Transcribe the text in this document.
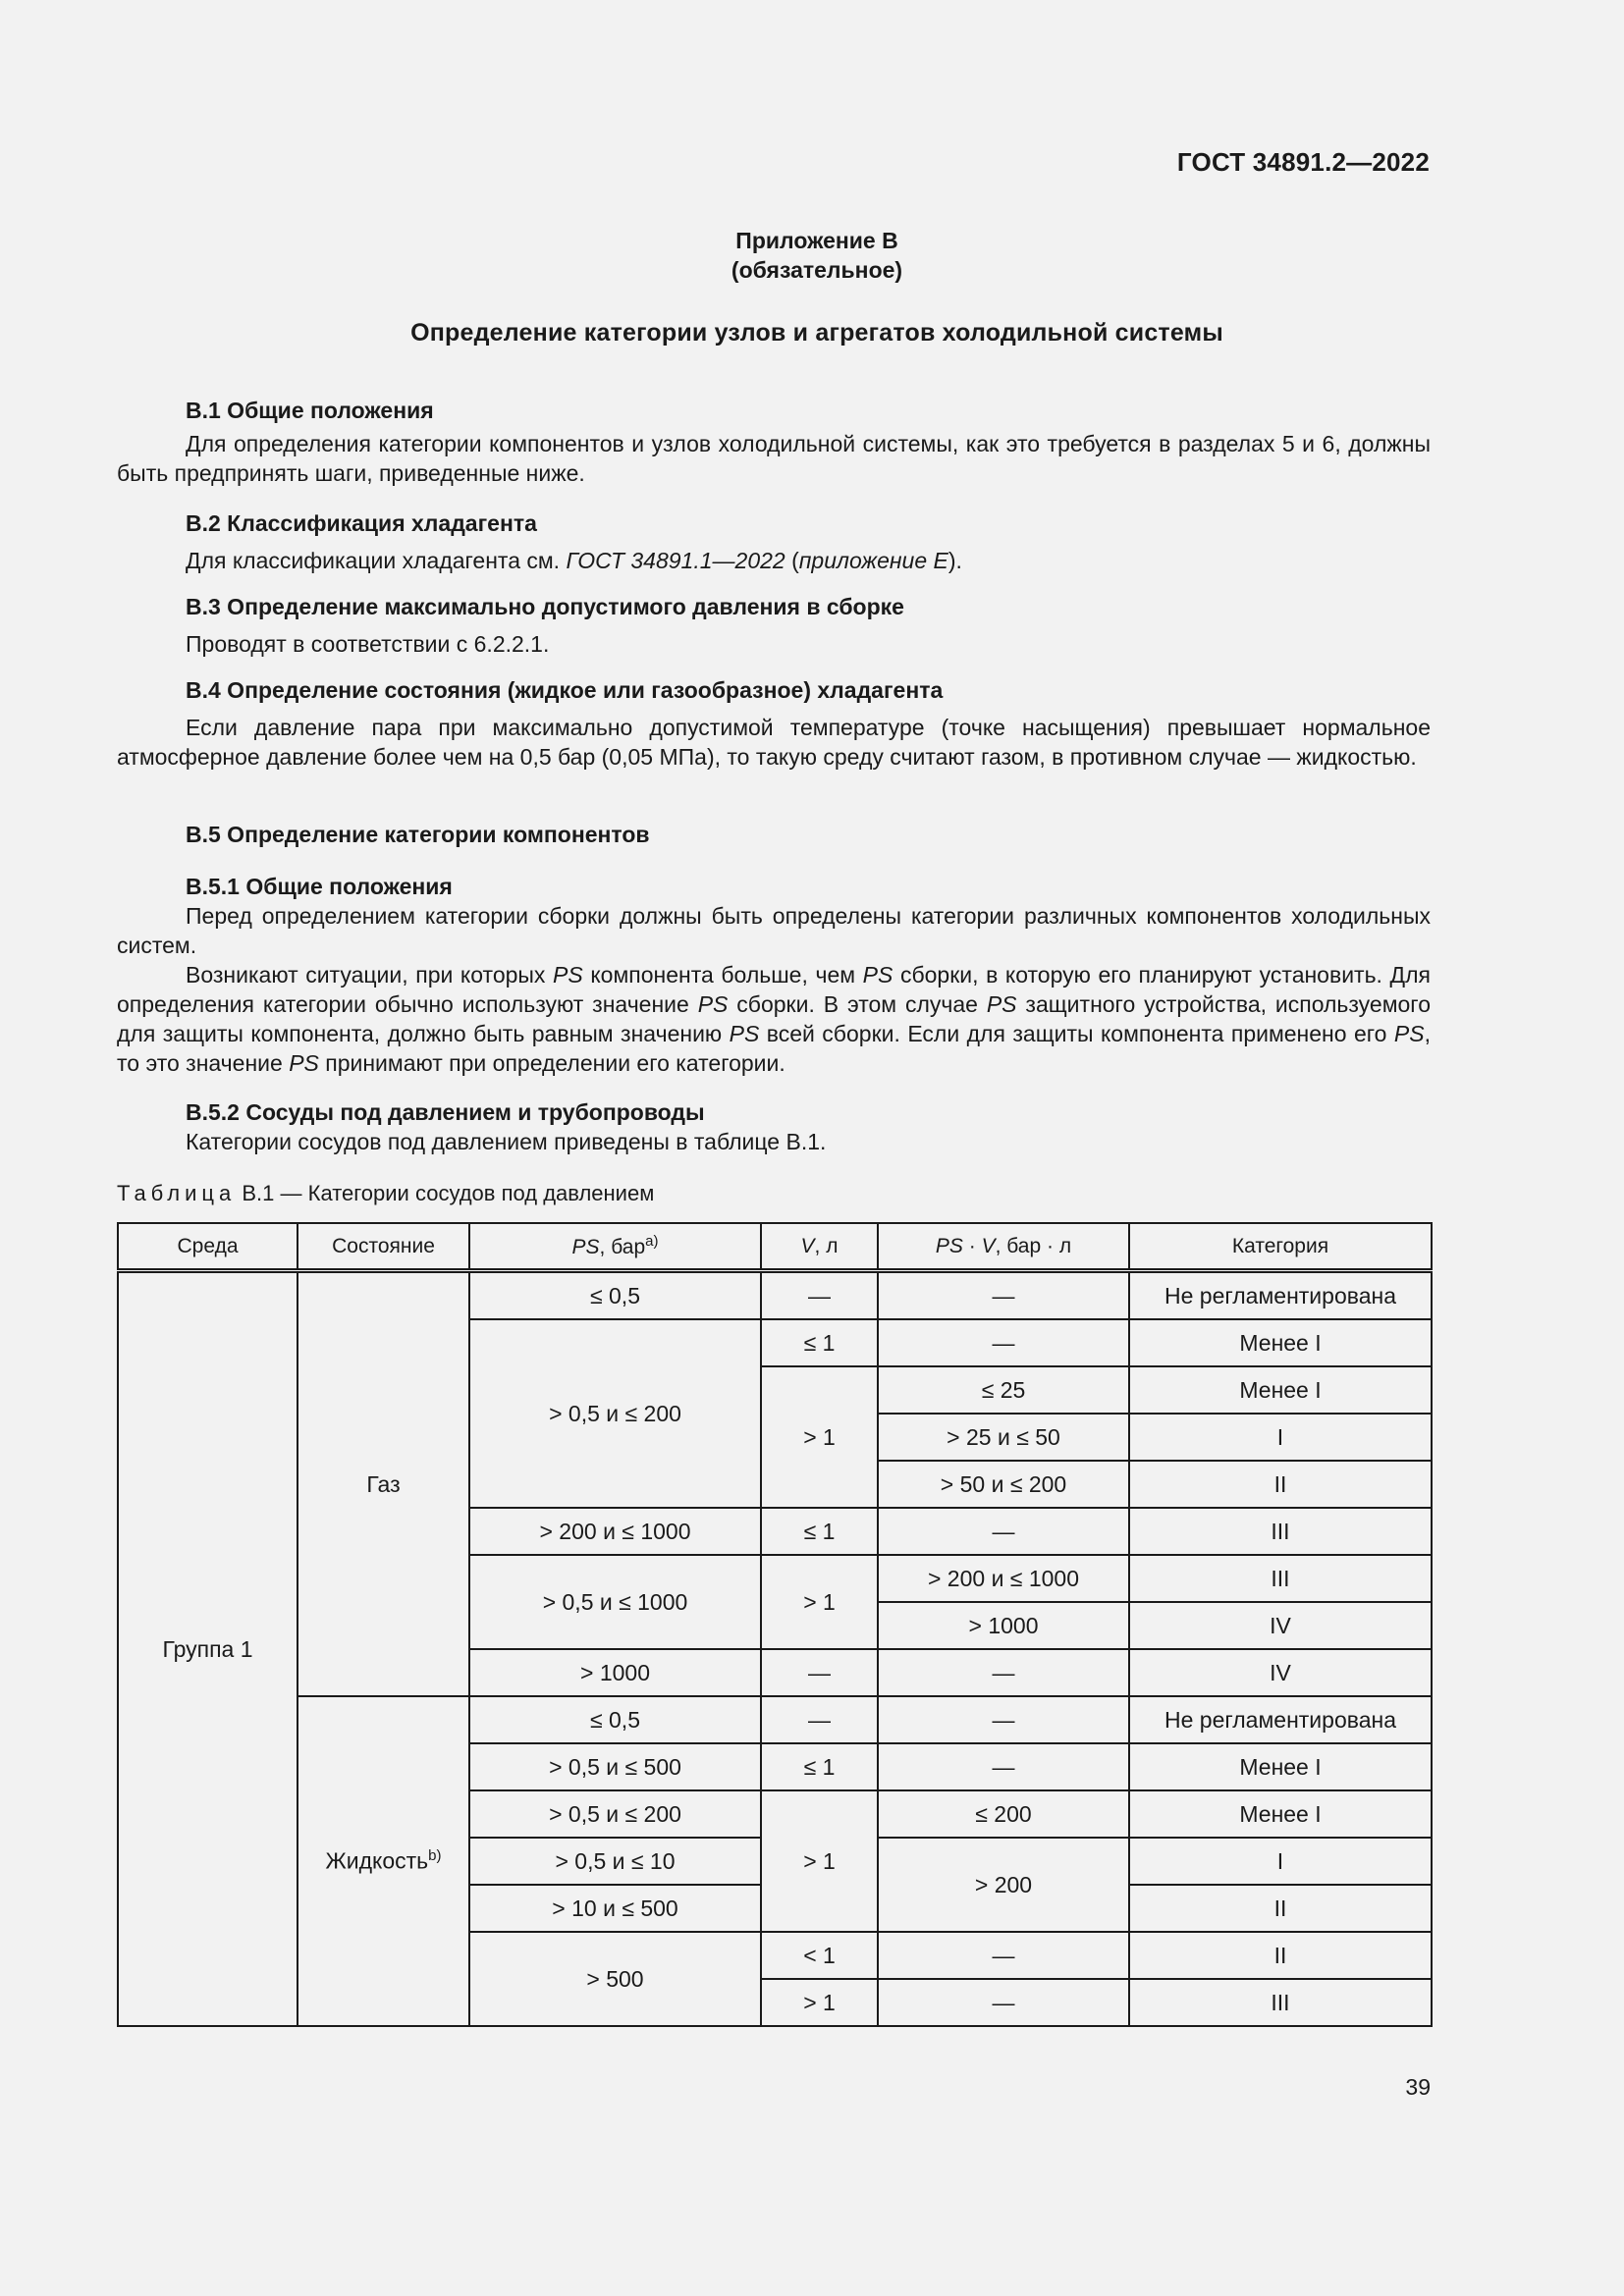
ГОСТ 34891.2—2022
Приложение В
(обязательное)
Определение категории узлов и агрегатов холодильной системы
В.1 Общие положения
Для определения категории компонентов и узлов холодильной системы, как это требуется в разделах 5 и 6, должны быть предпринять шаги, приведенные ниже.
В.2 Классификация хладагента
Для классификации хладагента см. ГОСТ 34891.1—2022 (приложение Е).
В.3 Определение максимально допустимого давления в сборке
Проводят в соответствии с 6.2.2.1.
В.4 Определение состояния (жидкое или газообразное) хладагента
Если давление пара при максимально допустимой температуре (точке насыщения) превышает нормальное атмосферное давление более чем на 0,5 бар (0,05 МПа), то такую среду считают газом, в противном случае — жидкостью.
В.5 Определение категории компонентов
В.5.1 Общие положения
Перед определением категории сборки должны быть определены категории различных компонентов холодильных систем.
Возникают ситуации, при которых PS компонента больше, чем PS сборки, в которую его планируют установить. Для определения категории обычно используют значение PS сборки. В этом случае PS защитного устройства, используемого для защиты компонента, должно быть равным значению PS всей сборки. Если для защиты компонента применено его PS, то это значение PS принимают при определении его категории.
В.5.2 Сосуды под давлением и трубопроводы
Категории сосудов под давлением приведены в таблице В.1.
Таблица В.1 — Категории сосудов под давлением
Среда	Состояние	PS, бар$^{a)}$	V, л	PS · V, бар · л	Категория
Группа 1	Газ	≤ 0,5	—	—	Не регламентирована
		> 0,5 и ≤ 200	≤ 1	—	Менее I
			> 1	≤ 25	Менее I
				> 25 и ≤ 50	I
				> 50 и ≤ 200	II
		> 200 и ≤ 1000	≤ 1	—	III
		> 0,5 и ≤ 1000	> 1	> 200 и ≤ 1000	III
				> 1000	IV
		> 1000	—	—	IV
	Жидкость$^{b)}$	≤ 0,5	—	—	Не регламентирована
		> 0,5 и ≤ 500	≤ 1	—	Менее I
		> 0,5 и ≤ 200	> 1	≤ 200	Менее I
		> 0,5 и ≤ 10		> 200	I
		> 10 и ≤ 500			II
		> 500	< 1	—	II
			> 1	—	III
39
